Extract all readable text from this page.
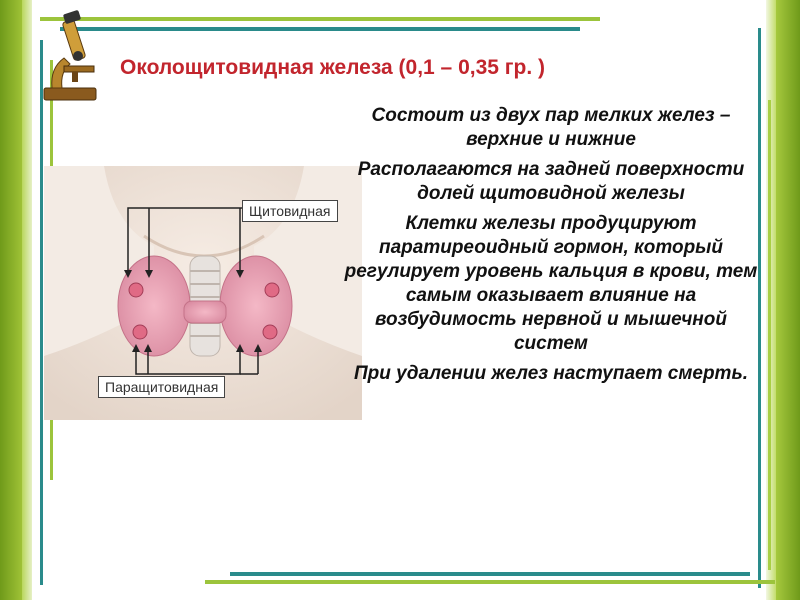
Околощитовидная железа (0,1 – 0,35 гр. )
Щитовидная
Паращитовидная

Состоит из двух пар мелких желез – верхние и нижние

Располагаются на задней поверхности долей щитовидной железы

Клетки железы продуцируют паратиреоидный гормон, который регулирует уровень кальция в крови, тем самым оказывает влияние на возбудимость нервной и мышечной систем

При удалении желез наступает смерть.
